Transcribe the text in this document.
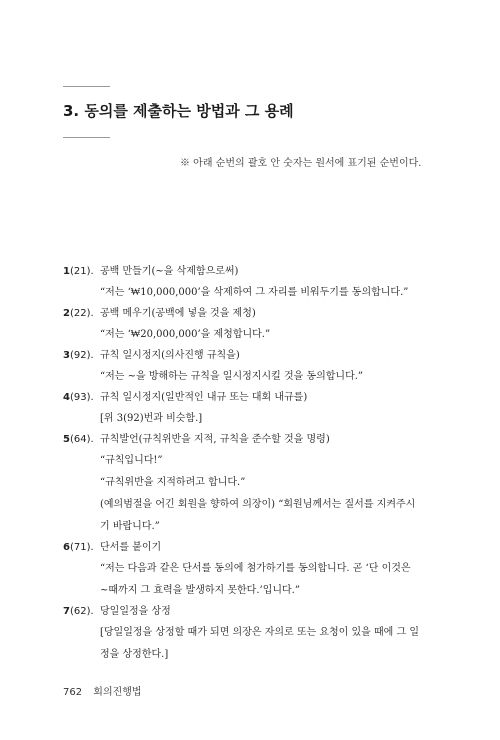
3. 동의를 제출하는 방법과 그 용례
※ 아래 순번의 괄호 안 숫자는 원서에 표기된 순번이다.
1(21). 공백 만들기(~을 삭제함으로써)
“저는 ‘₩10,000,000’을 삭제하여 그 자리를 비워두기를 동의합니다.”
2(22). 공백 메우기(공백에 넣을 것을 제청)
“저는 ‘₩20,000,000’을 제청합니다.”
3(92). 규칙 일시정지(의사진행 규칙을)
“저는 ~을 방해하는 규칙을 일시정지시킬 것을 동의합니다.”
4(93). 규칙 일시정지(일반적인 내규 또는 대회 내규를)
[위 3(92)번과 비슷함.]
5(64). 규칙발언(규칙위반을 지적, 규칙을 준수할 것을 명령)
“규칙입니다!”
“규칙위반을 지적하려고 합니다.”
(예의범절을 어긴 회원을 향하여 의장이) “회원님께서는 질서를 지켜주시
기 바랍니다.”
6(71). 단서를 붙이기
“저는 다음과 같은 단서를 동의에 첨가하기를 동의합니다. 곧 ‘단 이것은
~때까지 그 효력을 발생하지 못한다.’입니다.”
7(62). 당일일정을 상정
[당일일정을 상정할 때가 되면 의장은 자의로 또는 요청이 있을 때에 그 일
정을 상정한다.]
762 회의진행법
